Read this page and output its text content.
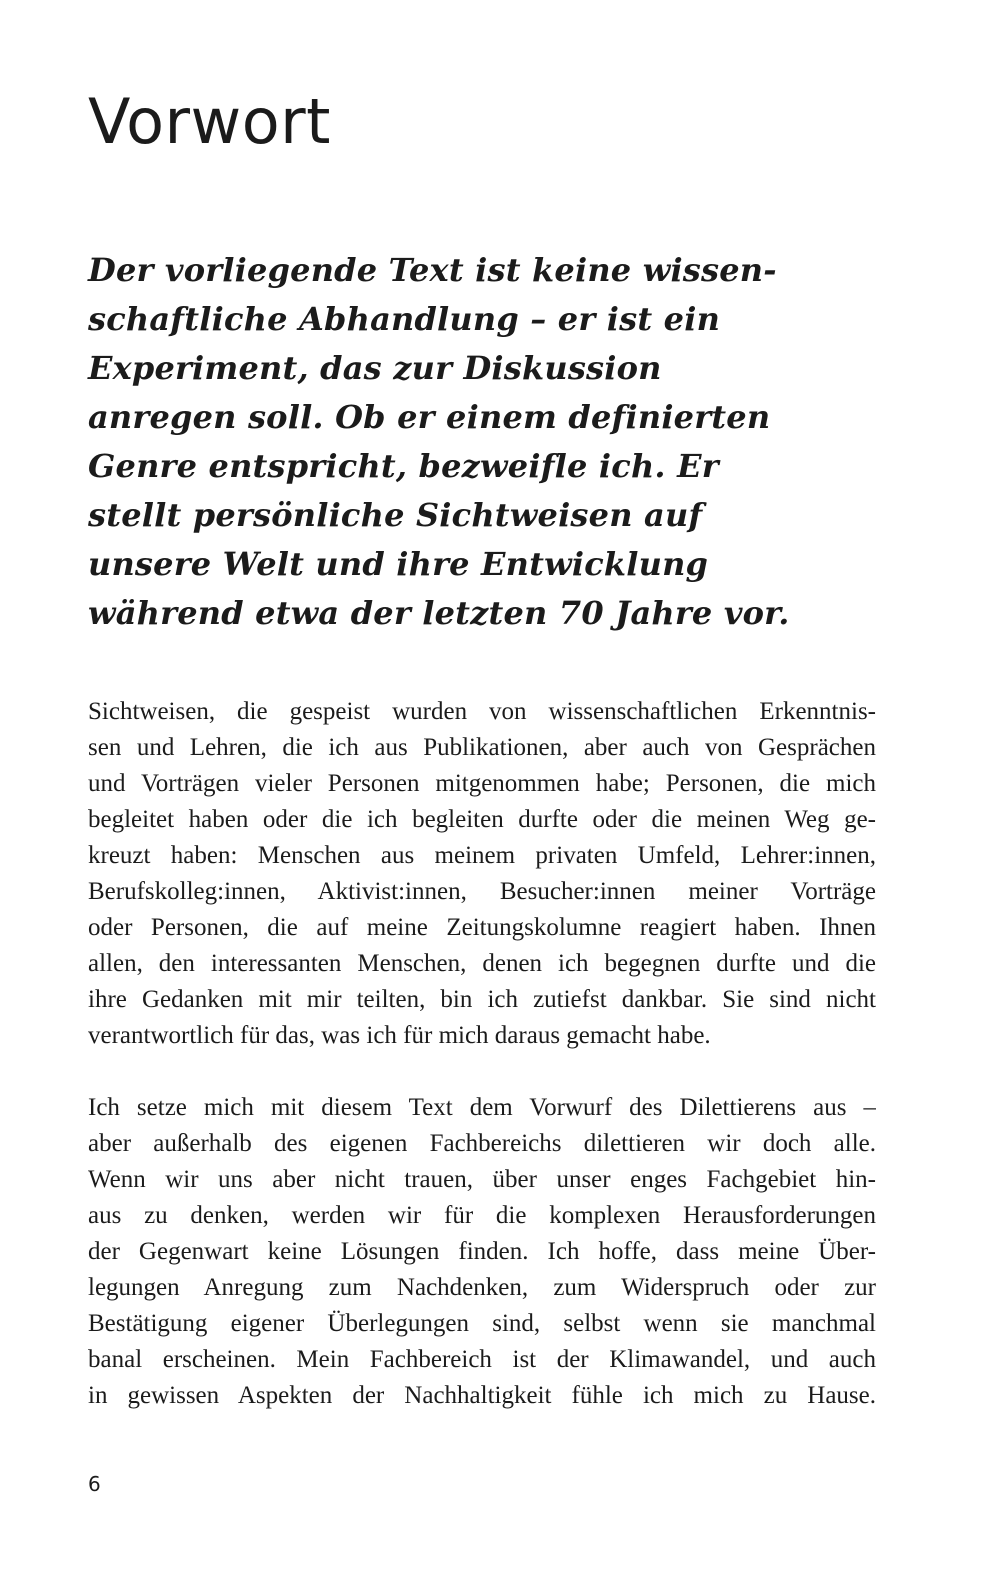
Vorwort
Der vorliegende Text ist keine wissen-
schaftliche Abhandlung – er ist ein
Experiment, das zur Diskussion
anregen soll. Ob er einem definierten
Genre entspricht, bezweifle ich. Er
stellt persönliche Sichtweisen auf
unsere Welt und ihre Entwicklung
während etwa der letzten 70 Jahre vor.
Sichtweisen, die gespeist wurden von wissenschaftlichen Erkenntnis-
sen und Lehren, die ich aus Publikationen, aber auch von Gesprächen
und Vorträgen vieler Personen mitgenommen habe; Personen, die mich
begleitet haben oder die ich begleiten durfte oder die meinen Weg ge-
kreuzt haben: Menschen aus meinem privaten Umfeld, Lehrer:innen,
Berufskolleg:innen, Aktivist:innen, Besucher:innen meiner Vorträge
oder Personen, die auf meine Zeitungskolumne reagiert haben. Ihnen
allen, den interessanten Menschen, denen ich begegnen durfte und die
ihre Gedanken mit mir teilten, bin ich zutiefst dankbar. Sie sind nicht
verantwortlich für das, was ich für mich daraus gemacht habe.
Ich setze mich mit diesem Text dem Vorwurf des Dilettierens aus –
aber außerhalb des eigenen Fachbereichs dilettieren wir doch alle.
Wenn wir uns aber nicht trauen, über unser enges Fachgebiet hin-
aus zu denken, werden wir für die komplexen Herausforderungen
der Gegenwart keine Lösungen finden. Ich hoffe, dass meine Über-
legungen Anregung zum Nachdenken, zum Widerspruch oder zur
Bestätigung eigener Überlegungen sind, selbst wenn sie manchmal
banal erscheinen. Mein Fachbereich ist der Klimawandel, und auch
in gewissen Aspekten der Nachhaltigkeit fühle ich mich zu Hause.
6
